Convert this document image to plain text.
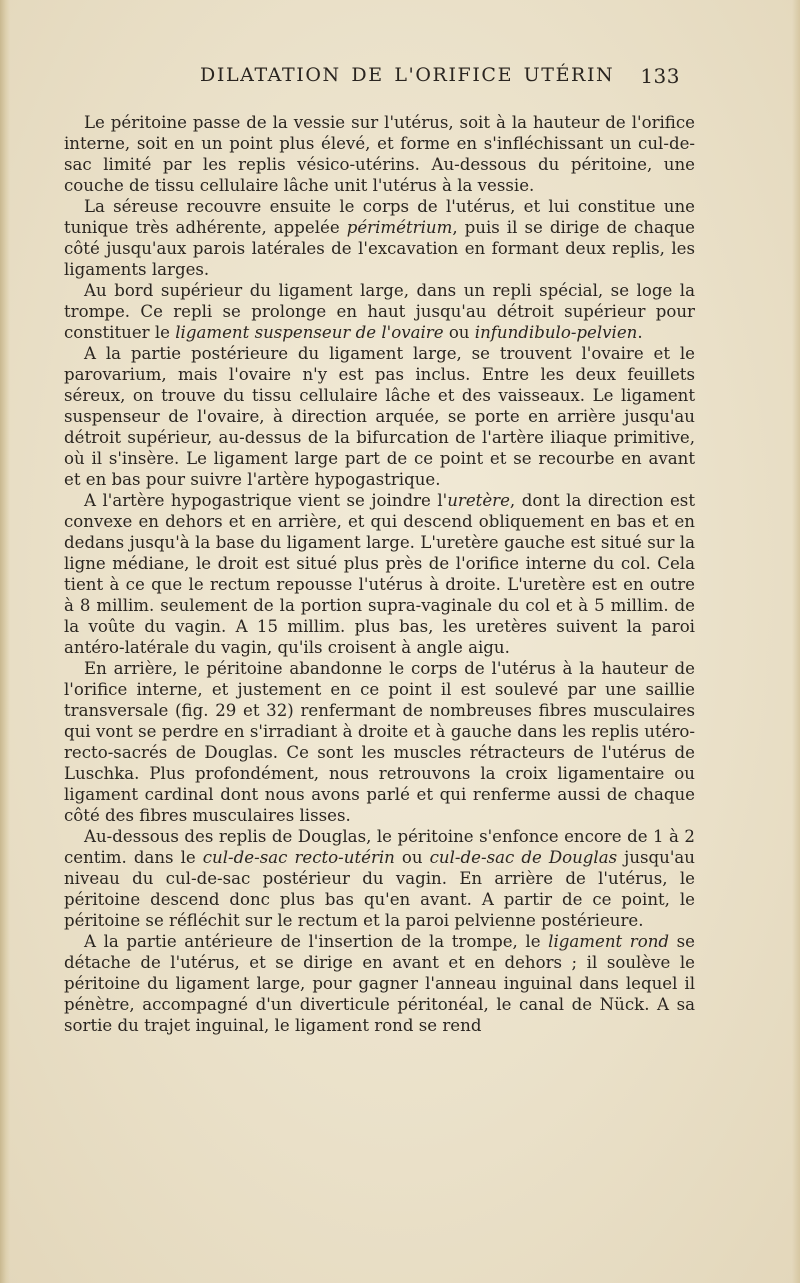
DILATATION DE L'ORIFICE UTÉRIN 133

Le péritoine passe de la vessie sur l'utérus, soit à la hauteur de l'orifice interne, soit en un point plus élevé, et forme en s'infléchissant un cul-de-sac limité par les replis vésico-utérins. Au-dessous du péritoine, une couche de tissu cellulaire lâche unit l'utérus à la vessie.

La séreuse recouvre ensuite le corps de l'utérus, et lui constitue une tunique très adhérente, appelée périmétrium, puis il se dirige de chaque côté jusqu'aux parois latérales de l'excavation en formant deux replis, les ligaments larges.

Au bord supérieur du ligament large, dans un repli spécial, se loge la trompe. Ce repli se prolonge en haut jusqu'au détroit supérieur pour constituer le ligament suspenseur de l'ovaire ou infundibulo-pelvien.

A la partie postérieure du ligament large, se trouvent l'ovaire et le parovarium, mais l'ovaire n'y est pas inclus. Entre les deux feuillets séreux, on trouve du tissu cellulaire lâche et des vaisseaux. Le ligament suspenseur de l'ovaire, à direction arquée, se porte en arrière jusqu'au détroit supérieur, au-dessus de la bifurcation de l'artère iliaque primitive, où il s'insère. Le ligament large part de ce point et se recourbe en avant et en bas pour suivre l'artère hypogastrique.

A l'artère hypogastrique vient se joindre l'uretère, dont la direction est convexe en dehors et en arrière, et qui descend obliquement en bas et en dedans jusqu'à la base du ligament large. L'uretère gauche est situé sur la ligne médiane, le droit est situé plus près de l'orifice interne du col. Cela tient à ce que le rectum repousse l'utérus à droite. L'uretère est en outre à 8 millim. seulement de la portion supra-vaginale du col et à 5 millim. de la voûte du vagin. A 15 millim. plus bas, les uretères suivent la paroi antéro-latérale du vagin, qu'ils croisent à angle aigu.

En arrière, le péritoine abandonne le corps de l'utérus à la hauteur de l'orifice interne, et justement en ce point il est soulevé par une saillie transversale (fig. 29 et 32) renfermant de nombreuses fibres musculaires qui vont se perdre en s'irradiant à droite et à gauche dans les replis utéro-recto-sacrés de Douglas. Ce sont les muscles rétracteurs de l'utérus de Luschka. Plus profondément, nous retrouvons la croix ligamentaire ou ligament cardinal dont nous avons parlé et qui renferme aussi de chaque côté des fibres musculaires lisses.

Au-dessous des replis de Douglas, le péritoine s'enfonce encore de 1 à 2 centim. dans le cul-de-sac recto-utérin ou cul-de-sac de Douglas jusqu'au niveau du cul-de-sac postérieur du vagin. En arrière de l'utérus, le péritoine descend donc plus bas qu'en avant. A partir de ce point, le péritoine se réfléchit sur le rectum et la paroi pelvienne postérieure.

A la partie antérieure de l'insertion de la trompe, le ligament rond se détache de l'utérus, et se dirige en avant et en dehors ; il soulève le péritoine du ligament large, pour gagner l'anneau inguinal dans lequel il pénètre, accompagné d'un diverticule péritonéal, le canal de Nück. A sa sortie du trajet inguinal, le ligament rond se rend
